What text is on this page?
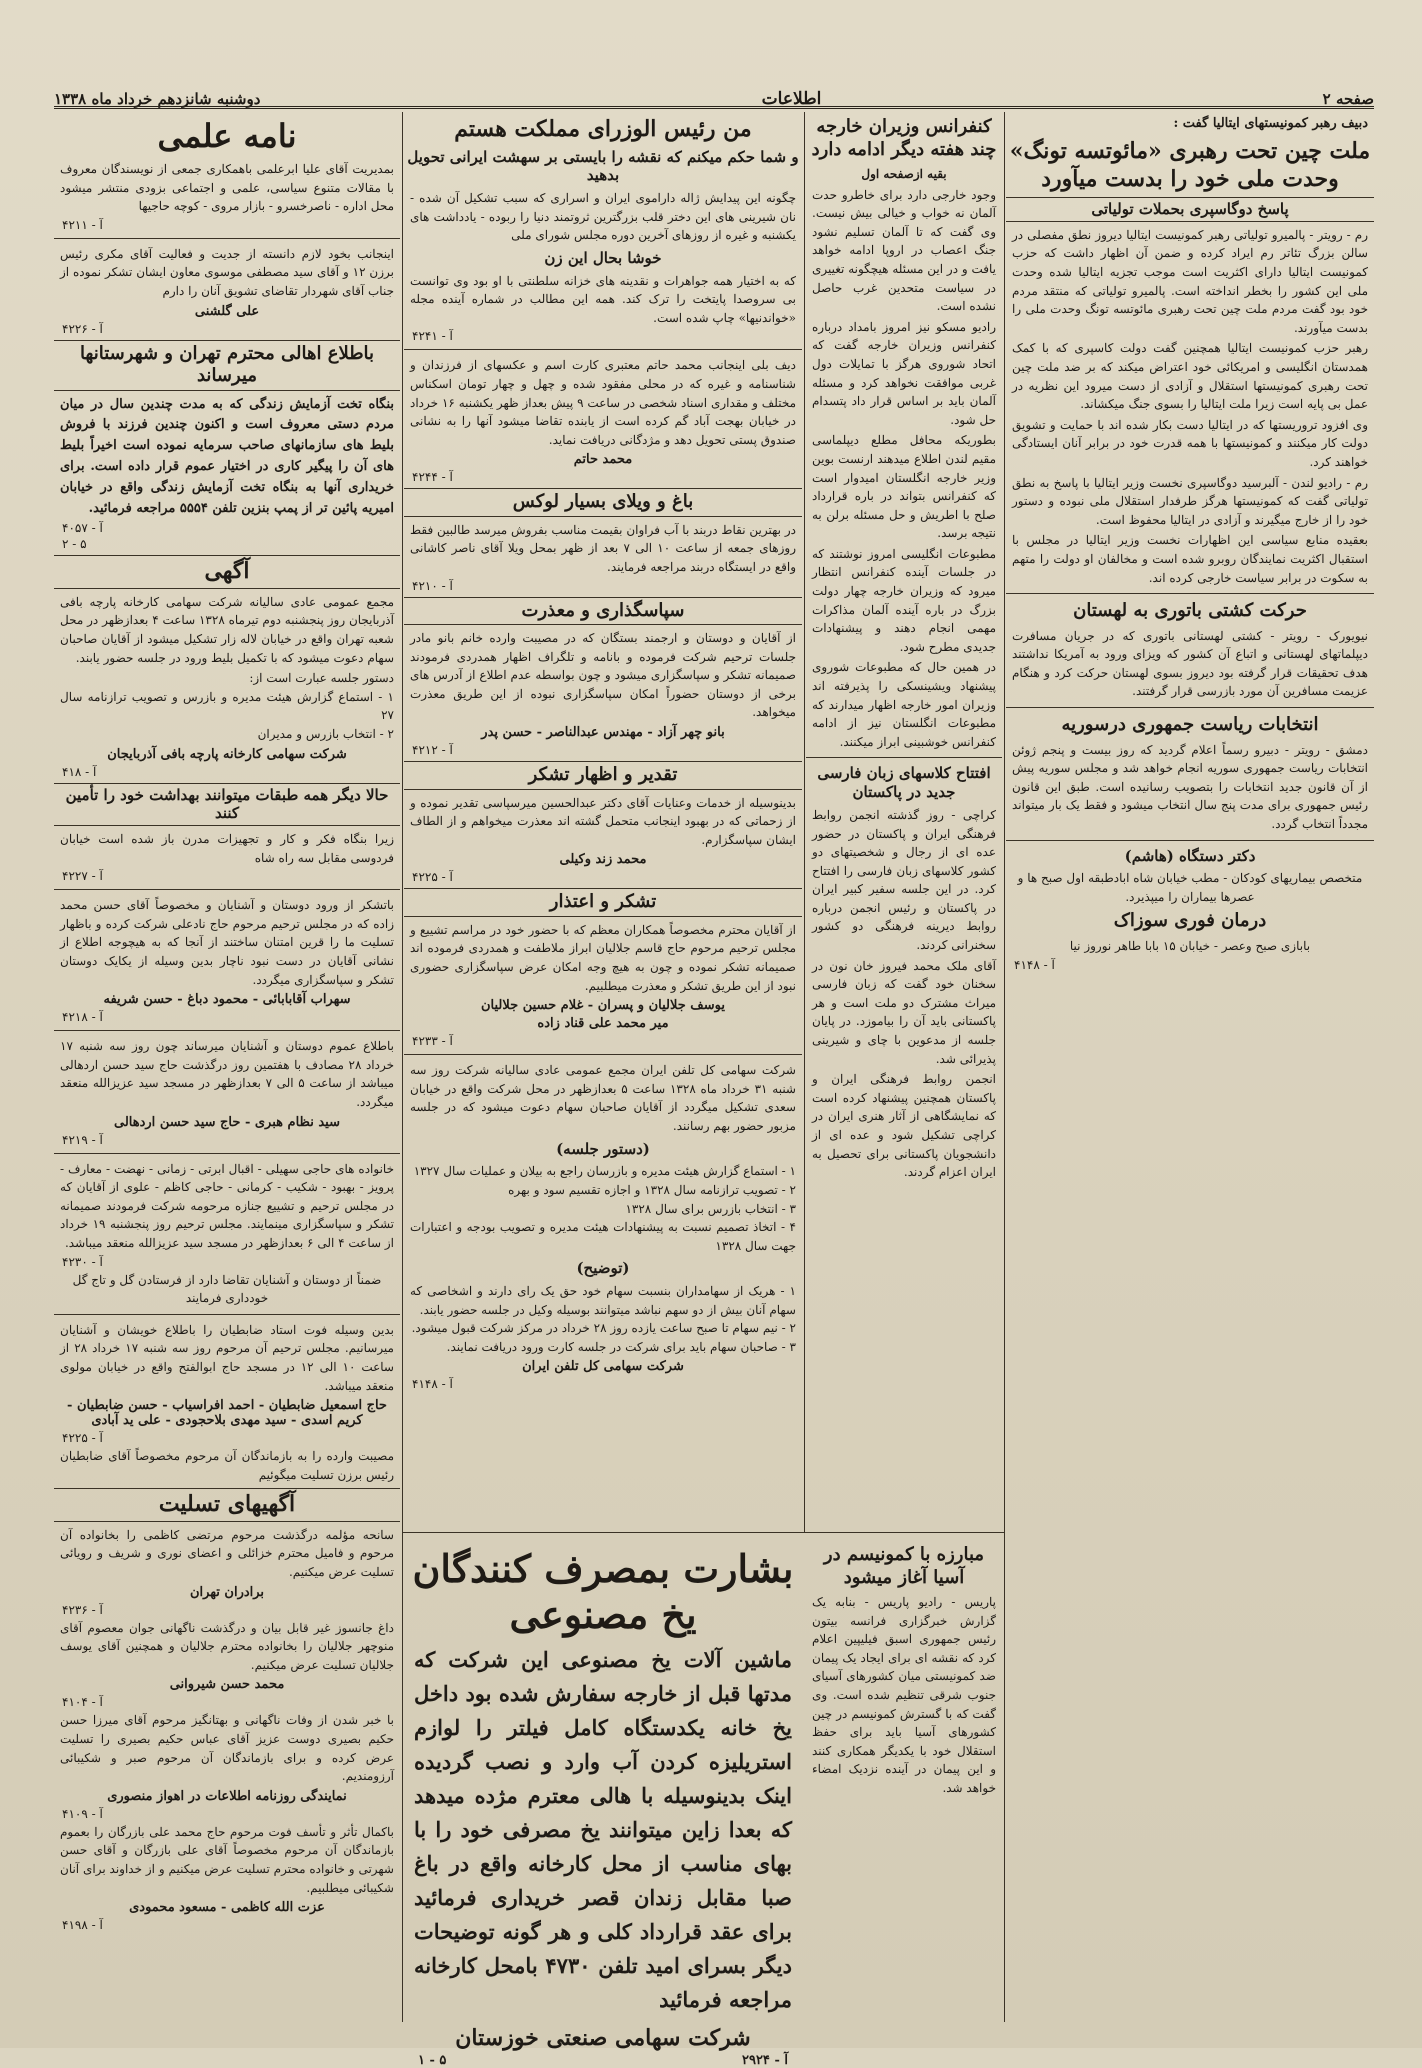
صفحه ۲
اطلاعات
دوشنبه شانزدهم خرداد ماه ۱۳۳۸
دبیف رهبر کمونیستهای ایتالیا گفت :
ملت چین تحت رهبری «مائوتسه تونگ» وحدت ملی خود را بدست میآورد
پاسخ دوگاسپری بحملات تولیاتی
رم - رویتر - پالمیرو تولیاتی رهبر کمونیست ایتالیا دیروز نطق مفصلی در سالن بزرگ تئاتر رم ایراد کرده و ضمن آن اظهار داشت که حزب کمونیست ایتالیا دارای اکثریت است موجب تجزیه ایتالیا شده وحدت ملی این کشور را بخطر انداخته است. پالمیرو تولیاتی که منتقد مردم خود بود گفت مردم ملت چین تحت رهبری مائوتسه تونگ وحدت ملی را بدست میآورند.
رهبر حزب کمونیست ایتالیا همچنین گفت دولت کاسپری که با کمک همدستان انگلیسی و امریکائی خود اعتراض میکند که بر ضد ملت چین تحت رهبری کمونیستها استقلال و آزادی از دست میرود این نظریه در عمل بی پایه است زیرا ملت ایتالیا را بسوی جنگ میکشاند.
وی افزود تروریستها که در ایتالیا دست بکار شده اند با حمایت و تشویق دولت کار میکنند و کمونیستها با همه قدرت خود در برابر آنان ایستادگی خواهند کرد.
رم - رادیو لندن - آلبرسید دوگاسپری نخست وزیر ایتالیا با پاسخ به نطق تولیاتی گفت که کمونیستها هرگز طرفدار استقلال ملی نبوده و دستور خود را از خارج میگیرند و آزادی در ایتالیا محفوظ است.
بعقیده منابع سیاسی این اظهارات نخست وزیر ایتالیا در مجلس با استقبال اکثریت نمایندگان روبرو شده است و مخالفان او دولت را متهم به سکوت در برابر سیاست خارجی کرده اند.
حرکت کشتی باتوری به لهستان
نیویورک - رویتر - کشتی لهستانی باتوری که در جریان مسافرت دیپلماتهای لهستانی و اتباع آن کشور که ویزای ورود به آمریکا نداشتند هدف تحقیقات قرار گرفته بود دیروز بسوی لهستان حرکت کرد و هنگام عزیمت مسافرین آن مورد بازرسی قرار گرفتند.
انتخابات ریاست جمهوری درسوریه
دمشق - رویتر - دبیرو رسماً اعلام گردید که روز بیست و پنجم ژوئن انتخابات ریاست جمهوری سوریه انجام خواهد شد و مجلس سوریه پیش از آن قانون جدید انتخابات را بتصویب رسانیده است. طبق این قانون رئیس جمهوری برای مدت پنج سال انتخاب میشود و فقط یک بار میتواند مجدداً انتخاب گردد.
دکتر دستگاه (هاشم)
متخصص بیماریهای کودکان - مطب خیابان شاه ابادطبقه اول صبح ها و عصرها بیماران را میپذیرد.
درمان فوری سوزاک
بابازی صبح وعصر - خیابان ۱۵ بابا طاهر نوروز نیا
۴۱۴۸ - آ
کنفرانس وزیران خارجه چند هفته دیگر ادامه دارد
بقیه ازصفحه اول
وجود خارجی دارد برای خاطرو حدت آلمان نه خواب و خیالی بیش نیست. وی گفت که تا آلمان تسلیم نشود جنگ اعصاب در اروپا ادامه خواهد یافت و در این مسئله هیچگونه تغییری در سیاست متحدین غرب حاصل نشده است.
رادیو مسکو نیز امروز بامداد درباره کنفرانس وزیران خارجه گفت که اتحاد شوروی هرگز با تمایلات دول غربی موافقت نخواهد کرد و مسئله آلمان باید بر اساس قرار داد پتسدام حل شود.
بطوریکه محافل مطلع دیپلماسی مقیم لندن اطلاع میدهند ارنست بوین وزیر خارجه انگلستان امیدوار است که کنفرانس بتواند در باره قرارداد صلح با اطریش و حل مسئله برلن به نتیجه برسد.
مطبوعات انگلیسی امروز نوشتند که در جلسات آینده کنفرانس انتظار میرود که وزیران خارجه چهار دولت بزرگ در باره آینده آلمان مذاکرات مهمی انجام دهند و پیشنهادات جدیدی مطرح شود.
در همین حال که مطبوعات شوروی پیشنهاد ویشینسکی را پذیرفته اند وزیران امور خارجه اظهار میدارند که مطبوعات انگلستان نیز از ادامه کنفرانس خوشبینی ابراز میکنند.
افتتاح کلاسهای زبان فارسی جدید در پاکستان
کراچی - روز گذشته انجمن روابط فرهنگی ایران و پاکستان در حضور عده ای از رجال و شخصیتهای دو کشور کلاسهای زبان فارسی را افتتاح کرد. در این جلسه سفیر کبیر ایران در پاکستان و رئیس انجمن درباره روابط دیرینه فرهنگی دو کشور سخنرانی کردند.
آقای ملک محمد فیروز خان نون در سخنان خود گفت که زبان فارسی میراث مشترک دو ملت است و هر پاکستانی باید آن را بیاموزد. در پایان جلسه از مدعوین با چای و شیرینی پذیرائی شد.
انجمن روابط فرهنگی ایران و پاکستان همچنین پیشنهاد کرده است که نمایشگاهی از آثار هنری ایران در کراچی تشکیل شود و عده ای از دانشجویان پاکستانی برای تحصیل به ایران اعزام گردند.
مبارزه با کمونیسم در آسیا آغاز میشود
پاریس - رادیو پاریس - بنابه یک گزارش خبرگزاری فرانسه بیتون رئیس جمهوری اسبق فیلیپین اعلام کرد که نقشه ای برای ایجاد یک پیمان ضد کمونیستی میان کشورهای آسیای جنوب شرقی تنظیم شده است. وی گفت که با گسترش کمونیسم در چین کشورهای آسیا باید برای حفظ استقلال خود با یکدیگر همکاری کنند و این پیمان در آینده نزدیک امضاء خواهد شد.
من رئیس الوزرای مملکت هستم
و شما حکم میکنم که نقشه را بایستی بر سهشت ایرانی تحویل بدهید
چگونه این پیدایش ژاله داراموی ایران و اسراری که سبب تشکیل آن شده - نان شیرینی های این دختر قلب بزرگترین ثروتمند دنیا را ربوده - یادداشت های یکشنبه و غیره از روزهای آخرین دوره مجلس شورای ملی
خوشا بحال این زن
که به اختیار همه جواهرات و نقدینه های خزانه سلطنتی با او بود وی توانست بی سروصدا پایتخت را ترک کند. همه این مطالب در شماره آینده مجله «خواندنیها» چاپ شده است.
۴۲۴۱ - آ
دیف بلی اینجانب محمد حاتم معتبری کارت اسم و عکسهای از فرزندان و شناسنامه و غیره که در محلی مفقود شده و چهل و چهار تومان اسکناس مختلف و مقداری اسناد شخصی در ساعت ۹ پیش بعداز ظهر یکشنبه ۱۶ خرداد در خیابان بهجت آباد گم کرده است از یابنده تقاضا میشود آنها را به نشانی صندوق پستی تحویل دهد و مژدگانی دریافت نماید.
محمد حاتم
۴۲۴۴ - آ
باغ و ویلای بسیار لوکس
در بهترین نقاط دربند با آب فراوان بقیمت مناسب بفروش میرسد طالبین فقط روزهای جمعه از ساعت ۱۰ الی ۷ بعد از ظهر بمحل ویلا آقای ناصر کاشانی واقع در ایستگاه دربند مراجعه فرمایند.
۴۲۱۰ - آ
سپاسگذاری و معذرت
از آقایان و دوستان و ارجمند بستگان که در مصیبت وارده خانم بانو مادر جلسات ترحیم شرکت فرموده و بانامه و تلگراف اظهار همدردی فرمودند صمیمانه تشکر و سپاسگزاری میشود و چون بواسطه عدم اطلاع از آدرس های برخی از دوستان حضوراً امکان سپاسگزاری نبوده از این طریق معذرت میخواهد.
بانو چهر آزاد - مهندس عبدالناصر - حسن پدر
۴۲۱۲ - آ
تقدیر و اظهار تشکر
بدینوسیله از خدمات وعنایات آقای دکتر عبدالحسین میرسپاسی تقدیر نموده و از زحماتی که در بهبود اینجانب متحمل گشته اند معذرت میخواهم و از الطاف ایشان سپاسگزارم.
محمد زند وکیلی
۴۲۲۵ - آ
تشکر و اعتذار
از آقایان محترم مخصوصاً همکاران معظم که با حضور خود در مراسم تشییع و مجلس ترحیم مرحوم حاج قاسم جلالیان ابراز ملاطفت و همدردی فرموده اند صمیمانه تشکر نموده و چون به هیچ وجه امکان عرض سپاسگزاری حضوری نبود از این طریق تشکر و معذرت میطلبیم.
یوسف جلالیان و پسران - غلام حسین جلالیان
میر محمد علی قناد زاده
۴۲۳۳ - آ
شرکت سهامی کل تلفن ایران مجمع عمومی عادی سالیانه شرکت روز سه شنبه ۳۱ خرداد ماه ۱۳۲۸ ساعت ۵ بعدازظهر در محل شرکت واقع در خیابان سعدی تشکیل میگردد از آقایان صاحبان سهام دعوت میشود که در جلسه مزبور حضور بهم رسانند.
(دستور جلسه)
۱ - استماع گزارش هیئت مدیره و بازرسان راجع به بیلان و عملیات سال ۱۳۲۷
۲ - تصویب ترازنامه سال ۱۳۲۸ و اجازه تقسیم سود و بهره
۳ - انتخاب بازرس برای سال ۱۳۲۸
۴ - اتخاذ تصمیم نسبت به پیشنهادات هیئت مدیره و تصویب بودجه و اعتبارات جهت سال ۱۳۲۸
(توضیح)
۱ - هریک از سهامداران بنسبت سهام خود حق یک رای دارند و اشخاصی که سهام آنان بیش از دو سهم نباشد میتوانند بوسیله وکیل در جلسه حضور یابند.
۲ - نیم سهام تا صبح ساعت یازده روز ۲۸ خرداد در مرکز شرکت قبول میشود.
۳ - صاحبان سهام باید برای شرکت در جلسه کارت ورود دریافت نمایند.
شرکت سهامی کل تلفن ایران
۴۱۴۸ - آ
نامه علمی
بمدیریت آقای علیا ابرعلمی باهمکاری جمعی از نویسندگان معروف با مقالات متنوع سیاسی، علمی و اجتماعی بزودی منتشر میشود محل اداره - ناصرخسرو - بازار مروی - کوچه حاجیها
۴۲۱۱ - آ
اینجانب بخود لازم دانسته از جدیت و فعالیت آقای مکری رئیس برزن ۱۲ و آقای سید مصطفی موسوی معاون ایشان تشکر نموده از جناب آقای شهردار تقاضای تشویق آنان را دارم
علی گلشنی
۴۲۲۶ - آ
باطلاع اهالی محترم تهران و شهرستانها میرساند
بنگاه تخت آزمایش زندگی که به مدت چندین سال در میان مردم دستی معروف است و اکنون چندین فرزند با فروش بلیط های سازمانهای صاحب سرمایه نموده است اخیراً بلیط های آن را پیگیر کاری در اختیار عموم قرار داده است. برای خریداری آنها به بنگاه تخت آزمایش زندگی واقع در خیابان امیریه پائین تر از پمپ بنزین تلفن ۵۵۵۴ مراجعه فرمائید.
۴۰۵۷ - آ
۲ - ۵
آگهی
مجمع عمومی عادی سالیانه شرکت سهامی کارخانه پارچه بافی آذربایجان روز پنجشنبه دوم تیرماه ۱۳۲۸ ساعت ۴ بعدازظهر در محل شعبه تهران واقع در خیابان لاله زار تشکیل میشود از آقایان صاحبان سهام دعوت میشود که با تکمیل بلیط ورود در جلسه حضور یابند.
دستور جلسه عبارت است از:
۱ - استماع گزارش هیئت مدیره و بازرس و تصویب ترازنامه سال ۲۷
۲ - انتخاب بازرس و مدیران
شرکت سهامی کارخانه پارچه بافی آذربایجان
۴۱۸ - آ
حالا دیگر همه طبقات میتوانند بهداشت خود را تأمین کنند
زیرا بنگاه فکر و کار و تجهیزات مدرن باز شده است خیابان فردوسی مقابل سه راه شاه
۴۲۲۷ - آ
باتشکر از ورود دوستان و آشنایان و مخصوصاً آقای حسن محمد زاده که در مجلس ترحیم مرحوم حاج نادعلی شرکت کرده و باظهار تسلیت ما را قرین امتنان ساختند از آنجا که به هیچوجه اطلاع از نشانی آقایان در دست نبود ناچار بدین وسیله از یکایک دوستان تشکر و سپاسگزاری میگردد.
سهراب آقابابائی - محمود دباغ - حسن شریفه
۴۲۱۸ - آ
باطلاع عموم دوستان و آشنایان میرساند چون روز سه شنبه ۱۷ خرداد ۲۸ مصادف با هفتمین روز درگذشت حاج سید حسن اردهالی میباشد از ساعت ۵ الی ۷ بعدازظهر در مسجد سید عزیزالله منعقد میگردد.
سید نظام هبری - حاج سید حسن اردهالی
۴۲۱۹ - آ
خانواده های حاجی سهیلی - اقبال ابرتی - زمانی - نهضت - معارف - پرویز - بهبود - شکیب - کرمانی - حاجی کاظم - علوی از آقایان که در مجلس ترحیم و تشییع جنازه مرحومه شرکت فرمودند صمیمانه تشکر و سپاسگزاری مینمایند. مجلس ترحیم روز پنجشنبه ۱۹ خرداد از ساعت ۴ الی ۶ بعدازظهر در مسجد سید عزیزالله منعقد میباشد.
۴۲۳۰ - آ
ضمناً از دوستان و آشنایان تقاضا دارد از فرستادن گل و تاج گل خودداری فرمایند
بدین وسیله فوت استاد ضابطیان را باطلاع خویشان و آشنایان میرسانیم. مجلس ترحیم آن مرحوم روز سه شنبه ۱۷ خرداد ۲۸ از ساعت ۱۰ الی ۱۲ در مسجد حاج ابوالفتح واقع در خیابان مولوی منعقد میباشد.
حاج اسمعیل ضابطیان - احمد افراسیاب - حسن ضابطیان - کریم اسدی - سید مهدی بلاحجودی - علی ید آبادی
۴۲۲۵ - آ
مصیبت وارده را به بازماندگان آن مرحوم مخصوصاً آقای ضابطیان رئیس برزن تسلیت میگوئیم
آگهیهای تسلیت
سانحه مؤلمه درگذشت مرحوم مرتضی کاظمی را بخانواده آن مرحوم و فامیل محترم خزائلی و اعضای نوری و شریف و رویائی تسلیت عرض میکنیم.
برادران تهران
۴۲۳۶ - آ
داغ جانسوز غیر قابل بیان و درگذشت ناگهانی جوان معصوم آقای منوچهر جلالیان را بخانواده محترم جلالیان و همچنین آقای یوسف جلالیان تسلیت عرض میکنیم.
محمد حسن شیروانی
۴۱۰۴ - آ
با خبر شدن از وفات ناگهانی و بهتانگیز مرحوم آقای میرزا حسن حکیم بصیری دوست عزیز آقای عباس حکیم بصیری را تسلیت عرض کرده و برای بازماندگان آن مرحوم صبر و شکیبائی آرزومندیم.
نمایندگی روزنامه اطلاعات در اهواز منصوری
۴۱۰۹ - آ
باکمال تأثر و تأسف فوت مرحوم حاج محمد علی بازرگان را بعموم بازماندگان آن مرحوم مخصوصاً آقای علی بازرگان و آقای حسن شهرتی و خانواده محترم تسلیت عرض میکنیم و از خداوند برای آنان شکیبائی میطلبیم.
عزت الله کاظمی - مسعود محمودی
۴۱۹۸ - آ
بشارت بمصرف کنندگان یخ مصنوعی
ماشین آلات یخ مصنوعی این شرکت که مدتها قبل از خارجه سفارش شده بود داخل یخ خانه یکدستگاه کامل فیلتر را لوازم استریلیزه کردن آب وارد و نصب گردیده اینک بدینوسیله با هالی معترم مژده میدهد که بعدا زاین میتوانند یخ مصرفی خود را با بهای مناسب از محل کارخانه واقع در باغ صبا مقابل زندان قصر خریداری فرمائید برای عقد قرارداد کلی و هر گونه توضیحات دیگر بسرای امید تلفن ۴۷۳۰ بامحل کارخانه مراجعه فرمائید
شرکت سهامی صنعتی خوزستان
۱ - ۵	۲۹۲۴ - آ
